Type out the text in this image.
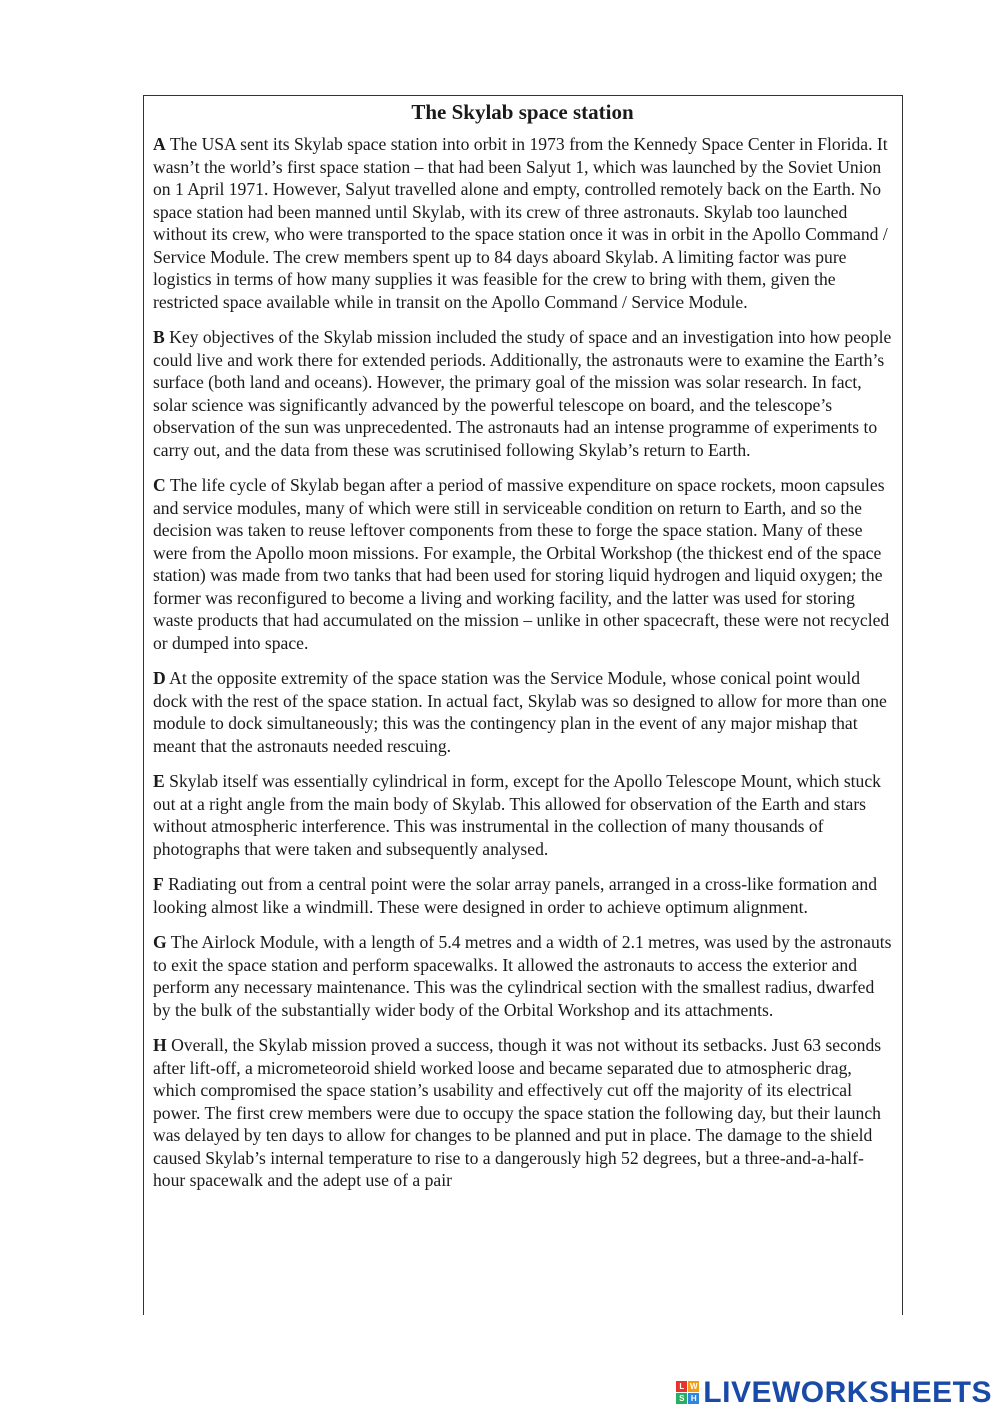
The Skylab space station

A The USA sent its Skylab space station into orbit in 1973 from the Kennedy Space Center in Florida. It wasn’t the world’s first space station – that had been Salyut 1, which was launched by the Soviet Union on 1 April 1971. However, Salyut travelled alone and empty, controlled remotely back on the Earth. No space station had been manned until Skylab, with its crew of three astronauts. Skylab too launched without its crew, who were transported to the space station once it was in orbit in the Apollo Command / Service Module. The crew members spent up to 84 days aboard Skylab. A limiting factor was pure logistics in terms of how many supplies it was feasible for the crew to bring with them, given the restricted space available while in transit on the Apollo Command / Service Module.

B Key objectives of the Skylab mission included the study of space and an investigation into how people could live and work there for extended periods. Additionally, the astronauts were to examine the Earth’s surface (both land and oceans). However, the primary goal of the mission was solar research. In fact, solar science was significantly advanced by the powerful telescope on board, and the telescope’s observation of the sun was unprecedented. The astronauts had an intense programme of experiments to carry out, and the data from these was scrutinised following Skylab’s return to Earth.

C The life cycle of Skylab began after a period of massive expenditure on space rockets, moon capsules and service modules, many of which were still in serviceable condition on return to Earth, and so the decision was taken to reuse leftover components from these to forge the space station. Many of these were from the Apollo moon missions. For example, the Orbital Workshop (the thickest end of the space station) was made from two tanks that had been used for storing liquid hydrogen and liquid oxygen; the former was reconfigured to become a living and working facility, and the latter was used for storing waste products that had accumulated on the mission – unlike in other spacecraft, these were not recycled or dumped into space.

D At the opposite extremity of the space station was the Service Module, whose conical point would dock with the rest of the space station. In actual fact, Skylab was so designed to allow for more than one module to dock simultaneously; this was the contingency plan in the event of any major mishap that meant that the astronauts needed rescuing.

E Skylab itself was essentially cylindrical in form, except for the Apollo Telescope Mount, which stuck out at a right angle from the main body of Skylab. This allowed for observation of the Earth and stars without atmospheric interference. This was instrumental in the collection of many thousands of photographs that were taken and subsequently analysed.

F Radiating out from a central point were the solar array panels, arranged in a cross-like formation and looking almost like a windmill. These were designed in order to achieve optimum alignment.

G The Airlock Module, with a length of 5.4 metres and a width of 2.1 metres, was used by the astronauts to exit the space station and perform spacewalks. It allowed the astronauts to access the exterior and perform any necessary maintenance. This was the cylindrical section with the smallest radius, dwarfed by the bulk of the substantially wider body of the Orbital Workshop and its attachments.

H Overall, the Skylab mission proved a success, though it was not without its setbacks. Just 63 seconds after lift-off, a micrometeoroid shield worked loose and became separated due to atmospheric drag, which compromised the space station’s usability and effectively cut off the majority of its electrical power. The first crew members were due to occupy the space station the following day, but their launch was delayed by ten days to allow for changes to be planned and put in place. The damage to the shield caused Skylab’s internal temperature to rise to a dangerously high 52 degrees, but a three-and-a-half-hour spacewalk and the adept use of a pair

L W
S H LIVEWORKSHEETS
